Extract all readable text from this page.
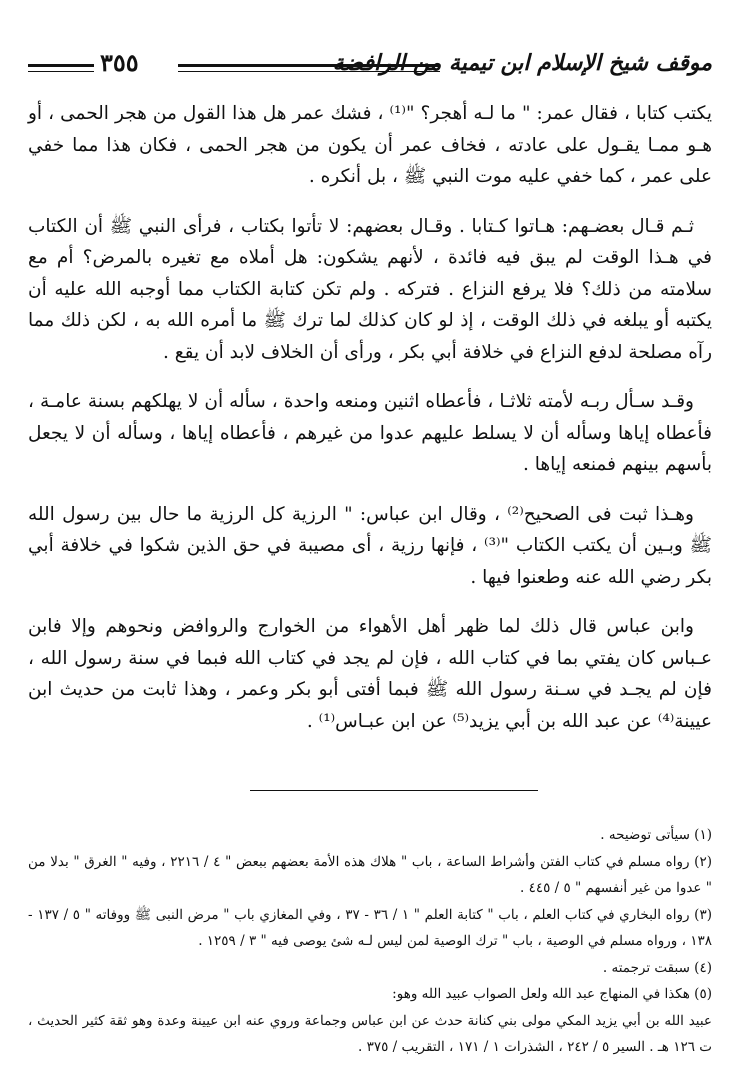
موقف شيخ الإسلام ابن تيمية من الرافضة
٣٥٥

يكتب كتابا ، فقال عمر: " ما لـه أهجر؟ "⁽¹⁾ ، فشك عمر هل هذا القول من هجر الحمى ، أو هـو ممـا يقـول على عادته ، فخاف عمر أن يكون من هجر الحمى ، فكان هذا مما خفي على عمر ، كما خفي عليه موت النبي ﷺ ، بل أنكره .

ثـم قـال بعضـهم: هـاتوا كـتابا . وقـال بعضهم: لا تأتوا بكتاب ، فرأى النبي ﷺ أن الكتاب في هـذا الوقت لم يبق فيه فائدة ، لأنهم يشكون: هل أملاه مع تغيره بالمرض؟ أم مع سلامته من ذلك؟ فلا يرفع النزاع . فتركه . ولم تكن كتابة الكتاب مما أوجبه الله عليه أن يكتبه أو يبلغه في ذلك الوقت ، إذ لو كان كذلك لما ترك ﷺ ما أمره الله به ، لكن ذلك مما رآه مصلحة لدفع النزاع في خلافة أبي بكر ، ورأى أن الخلاف لابد أن يقع .

وقـد سـأل ربـه لأمته ثلاثـا ، فأعطاه اثنين ومنعه واحدة ، سأله أن لا يهلكهم بسنة عامـة ، فأعطاه إياها وسأله أن لا يسلط عليهم عدوا من غيرهم ، فأعطاه إياها ، وسأله أن لا يجعل بأسهم بينهم فمنعه إياها .

وهـذا ثبت فى الصحيح⁽²⁾ ، وقال ابن عباس: " الرزية كل الرزية ما حال بين رسول الله ﷺ وبـين أن يكتب الكتاب "⁽³⁾ ، فإنها رزية ، أى مصيبة في حق الذين شكوا في خلافة أبي بكر رضي الله عنه وطعنوا فيها .

وابن عباس قال ذلك لما ظهر أهل الأهواء من الخوارج والروافض ونحوهم وإلا فابن عـباس كان يفتي بما في كتاب الله ، فإن لم يجد في كتاب الله فبما في سنة رسول الله ، فإن لم يجـد في سـنة رسول الله ﷺ فبما أفتى أبو بكر وعمر ، وهذا ثابت من حديث ابن عيينة⁽⁴⁾ عن عبد الله بن أبي يزيد⁽⁵⁾ عن ابن عبـاس⁽¹⁾ .

(١) سيأتى توضيحه .

(٢) رواه مسلم في كتاب الفتن وأشراط الساعة ، باب " هلاك هذه الأمة بعضهم ببعض " ٤ / ٢٢١٦ ، وفيه " الغرق " بدلا من " عدوا من غير أنفسهم " ٥ / ٤٤٥ .

(٣) رواه البخاري في كتاب العلم ، باب " كتابة العلم " ١ / ٣٦ - ٣٧ ، وفي المغازي باب " مرض النبى ﷺ ووفاته " ٥ / ١٣٧ - ١٣٨ ، ورواه مسلم في الوصية ، باب " ترك الوصية لمن ليس لـه شئ يوصى فيه " ٣ / ١٢٥٩ .

(٤) سبقت ترجمته .

(٥) هكذا في المنهاج عبد الله ولعل الصواب عبيد الله وهو:

عبيد الله بن أبي يزيد المكي مولى بني كنانة حدث عن ابن عباس وجماعة وروي عنه ابن عيينة وعدة وهو ثقة كثير الحديث ، ت ١٢٦ هـ . السير ٥ / ٢٤٢ ، الشذرات ١ / ١٧١ ، التقريب / ٣٧٥ .
